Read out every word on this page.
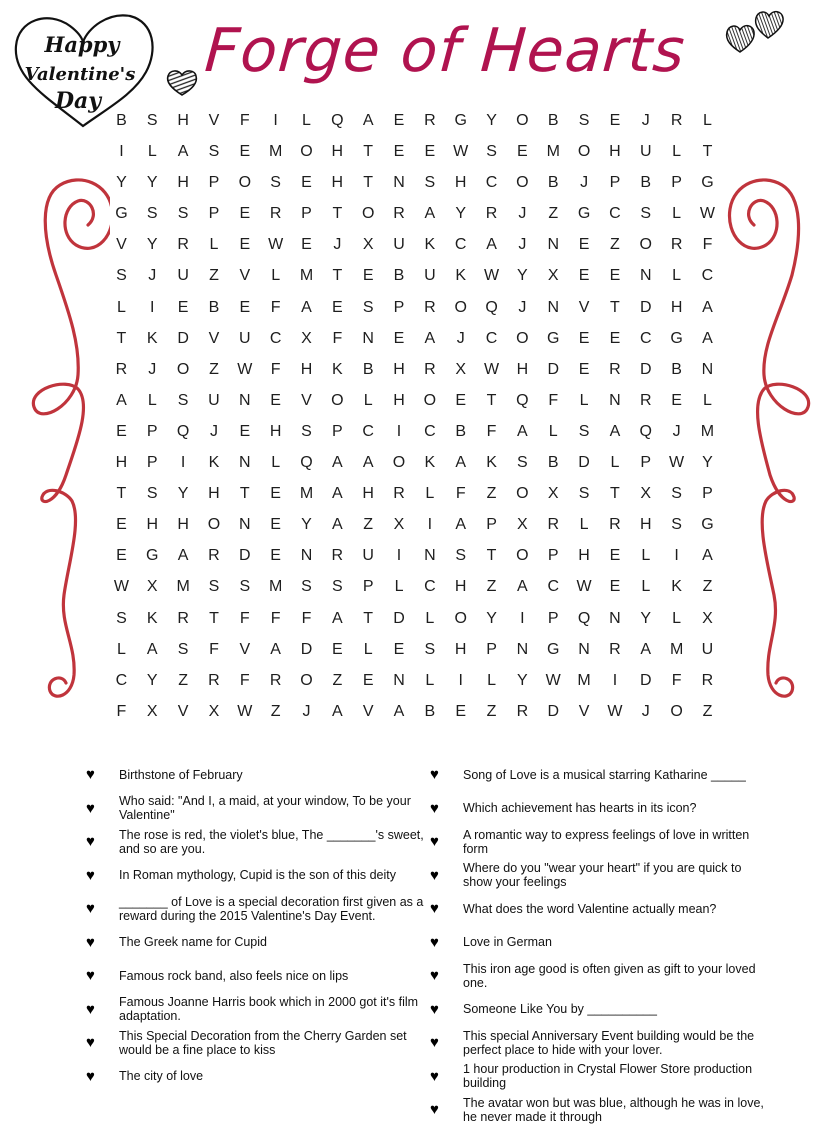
Happy
Valentine's
Day
Forge of Hearts
B	S	H	V	F	I	L	Q	A	E	R	G	Y	O	B	S	E	J	R	L
I	L	A	S	E	M	O	H	T	E	E	W	S	E	M	O	H	U	L	T
Y	Y	H	P	O	S	E	H	T	N	S	H	C	O	B	J	P	B	P	G
G	S	S	P	E	R	P	T	O	R	A	Y	R	J	Z	G	C	S	L	W
V	Y	R	L	E	W	E	J	X	U	K	C	A	J	N	E	Z	O	R	F
S	J	U	Z	V	L	M	T	E	B	U	K	W	Y	X	E	E	N	L	C
L	I	E	B	E	F	A	E	S	P	R	O	Q	J	N	V	T	D	H	A
T	K	D	V	U	C	X	F	N	E	A	J	C	O	G	E	E	C	G	A
R	J	O	Z	W	F	H	K	B	H	R	X	W	H	D	E	R	D	B	N
A	L	S	U	N	E	V	O	L	H	O	E	T	Q	F	L	N	R	E	L
E	P	Q	J	E	H	S	P	C	I	C	B	F	A	L	S	A	Q	J	M
H	P	I	K	N	L	Q	A	A	O	K	A	K	S	B	D	L	P	W	Y
T	S	Y	H	T	E	M	A	H	R	L	F	Z	O	X	S	T	X	S	P
E	H	H	O	N	E	Y	A	Z	X	I	A	P	X	R	L	R	H	S	G
E	G	A	R	D	E	N	R	U	I	N	S	T	O	P	H	E	L	I	A
W	X	M	S	S	M	S	S	P	L	C	H	Z	A	C	W	E	L	K	Z
S	K	R	T	F	F	F	A	T	D	L	O	Y	I	P	Q	N	Y	L	X
L	A	S	F	V	A	D	E	L	E	S	H	P	N	G	N	R	A	M	U
C	Y	Z	R	F	R	O	Z	E	N	L	I	L	Y	W	M	I	D	F	R
F	X	V	X	W	Z	J	A	V	A	B	E	Z	R	D	V	W	J	O	Z
♥	Birthstone of February
♥	Who said: "And I, a maid, at your window, To be your Valentine"
♥	The rose is red, the violet's blue, The _______'s sweet, and so are you.
♥	In Roman mythology, Cupid is the son of this deity
♥	_______ of Love is a special decoration first given as a reward during the 2015 Valentine's Day Event.
♥	The Greek name for Cupid
♥	Famous rock band, also feels nice on lips
♥	Famous Joanne Harris book which in 2000 got it's film adaptation.
♥	This Special Decoration from the Cherry Garden set would be a fine place to kiss
♥	The city of love
♥	Song of Love is a musical starring Katharine _____
♥	Which achievement has hearts in its icon?
♥	A romantic way to express feelings of love in written form
♥	Where do you "wear your heart" if you are quick to show your feelings
♥	What does the word Valentine actually mean?
♥	Love in German
♥	This iron age good is often given as gift to your loved one.
♥	Someone Like You by __________
♥	This special Anniversary Event building would be the perfect place to hide with your lover.
♥	1 hour production in Crystal Flower Store production building
♥	The avatar won but was blue, although he was in love, he never made it through
